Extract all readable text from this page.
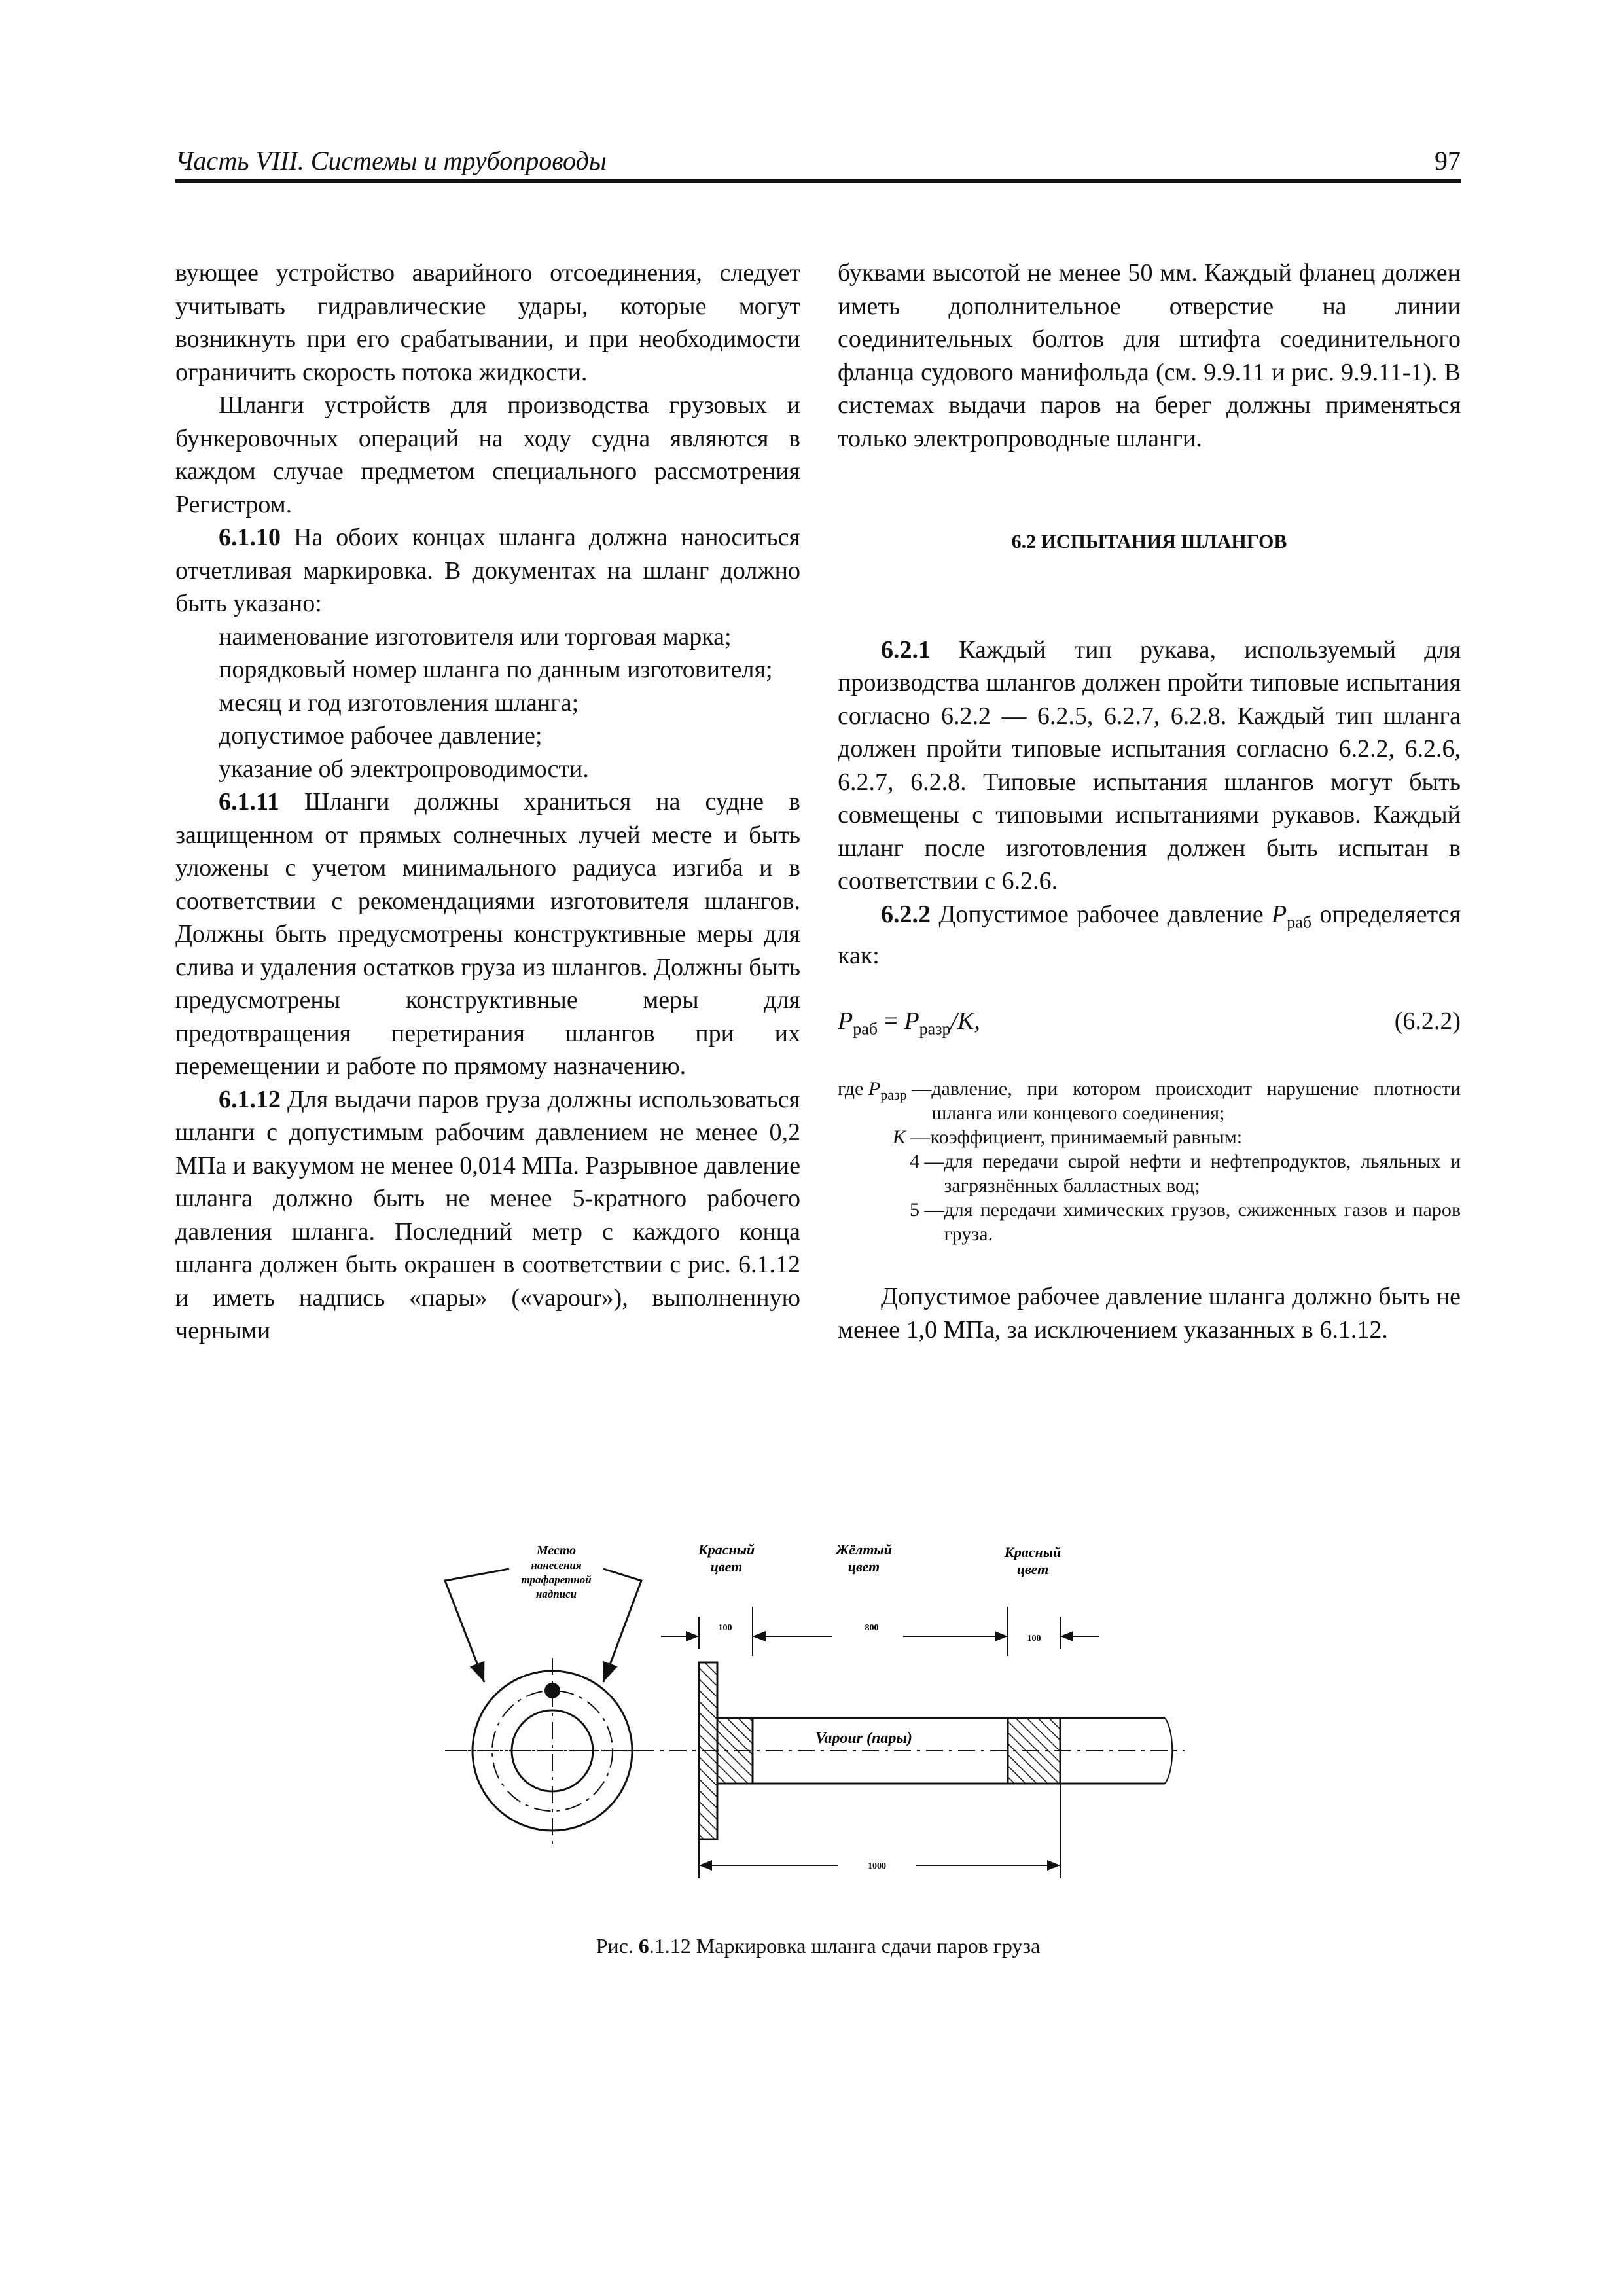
Часть VIII. Системы и трубопроводы	97

вующее устройство аварийного отсоединения, следует учитывать гидравлические удары, которые могут возникнуть при его срабатывании, и при необходимости ограничить скорость потока жидкости.

Шланги устройств для производства грузовых и бункеровочных операций на ходу судна являются в каждом случае предметом специального рассмотрения Регистром.

6.1.10 На обоих концах шланга должна наноситься отчетливая маркировка. В документах на шланг должно быть указано:

наименование изготовителя или торговая марка;

порядковый номер шланга по данным изготовителя;

месяц и год изготовления шланга;

допустимое рабочее давление;

указание об электропроводимости.

6.1.11 Шланги должны храниться на судне в защищенном от прямых солнечных лучей месте и быть уложены с учетом минимального радиуса изгиба и в соответствии с рекомендациями изготовителя шлангов. Должны быть предусмотрены конструктивные меры для слива и удаления остатков груза из шлангов. Должны быть предусмотрены конструктивные меры для предотвращения перетирания шлангов при их перемещении и работе по прямому назначению.

6.1.12 Для выдачи паров груза должны использоваться шланги с допустимым рабочим давлением не менее 0,2 МПа и вакуумом не менее 0,014 МПа. Разрывное давление шланга должно быть не менее 5-кратного рабочего давления шланга. Последний метр с каждого конца шланга должен быть окрашен в соответствии с рис. 6.1.12 и иметь надпись «пары» («vapour»), выполненную черными

буквами высотой не менее 50 мм. Каждый фланец должен иметь дополнительное отверстие на линии соединительных болтов для штифта соединительного фланца судового манифольда (см. 9.9.11 и рис. 9.9.11-1). В системах выдачи паров на берег должны применяться только электропроводные шланги.

6.2 ИСПЫТАНИЯ ШЛАНГОВ

6.2.1 Каждый тип рукава, используемый для производства шлангов должен пройти типовые испытания согласно 6.2.2 — 6.2.5, 6.2.7, 6.2.8. Каждый тип шланга должен пройти типовые испытания согласно 6.2.2, 6.2.6, 6.2.7, 6.2.8. Типовые испытания шлангов могут быть совмещены с типовыми испытаниями рукавов. Каждый шланг после изготовления должен быть испытан в соответствии с 6.2.6.

6.2.2 Допустимое рабочее давление $P_{раб}$ определяется как:

$P_{раб} = P_{разр}/K$,	(6.2.2)
где $P_{разр}$ — давление, при котором происходит нарушение плотности шланга или концевого соединения;
K — коэффициент, принимаемый равным:
4 — для передачи сырой нефти и нефтепродуктов, льяльных и загрязнённых балластных вод;
5 — для передачи химических грузов, сжиженных газов и паров груза.

Допустимое рабочее давление шланга должно быть не менее 1,0 МПа, за исключением указанных в 6.1.12.

Место
нанесения
трафаретной
надписи
Красный
цвет
Жёлтый
цвет
Красный
цвет
100	800
100
Vapour (пары)
1000
Рис. 6.1.12 Маркировка шланга сдачи паров груза
